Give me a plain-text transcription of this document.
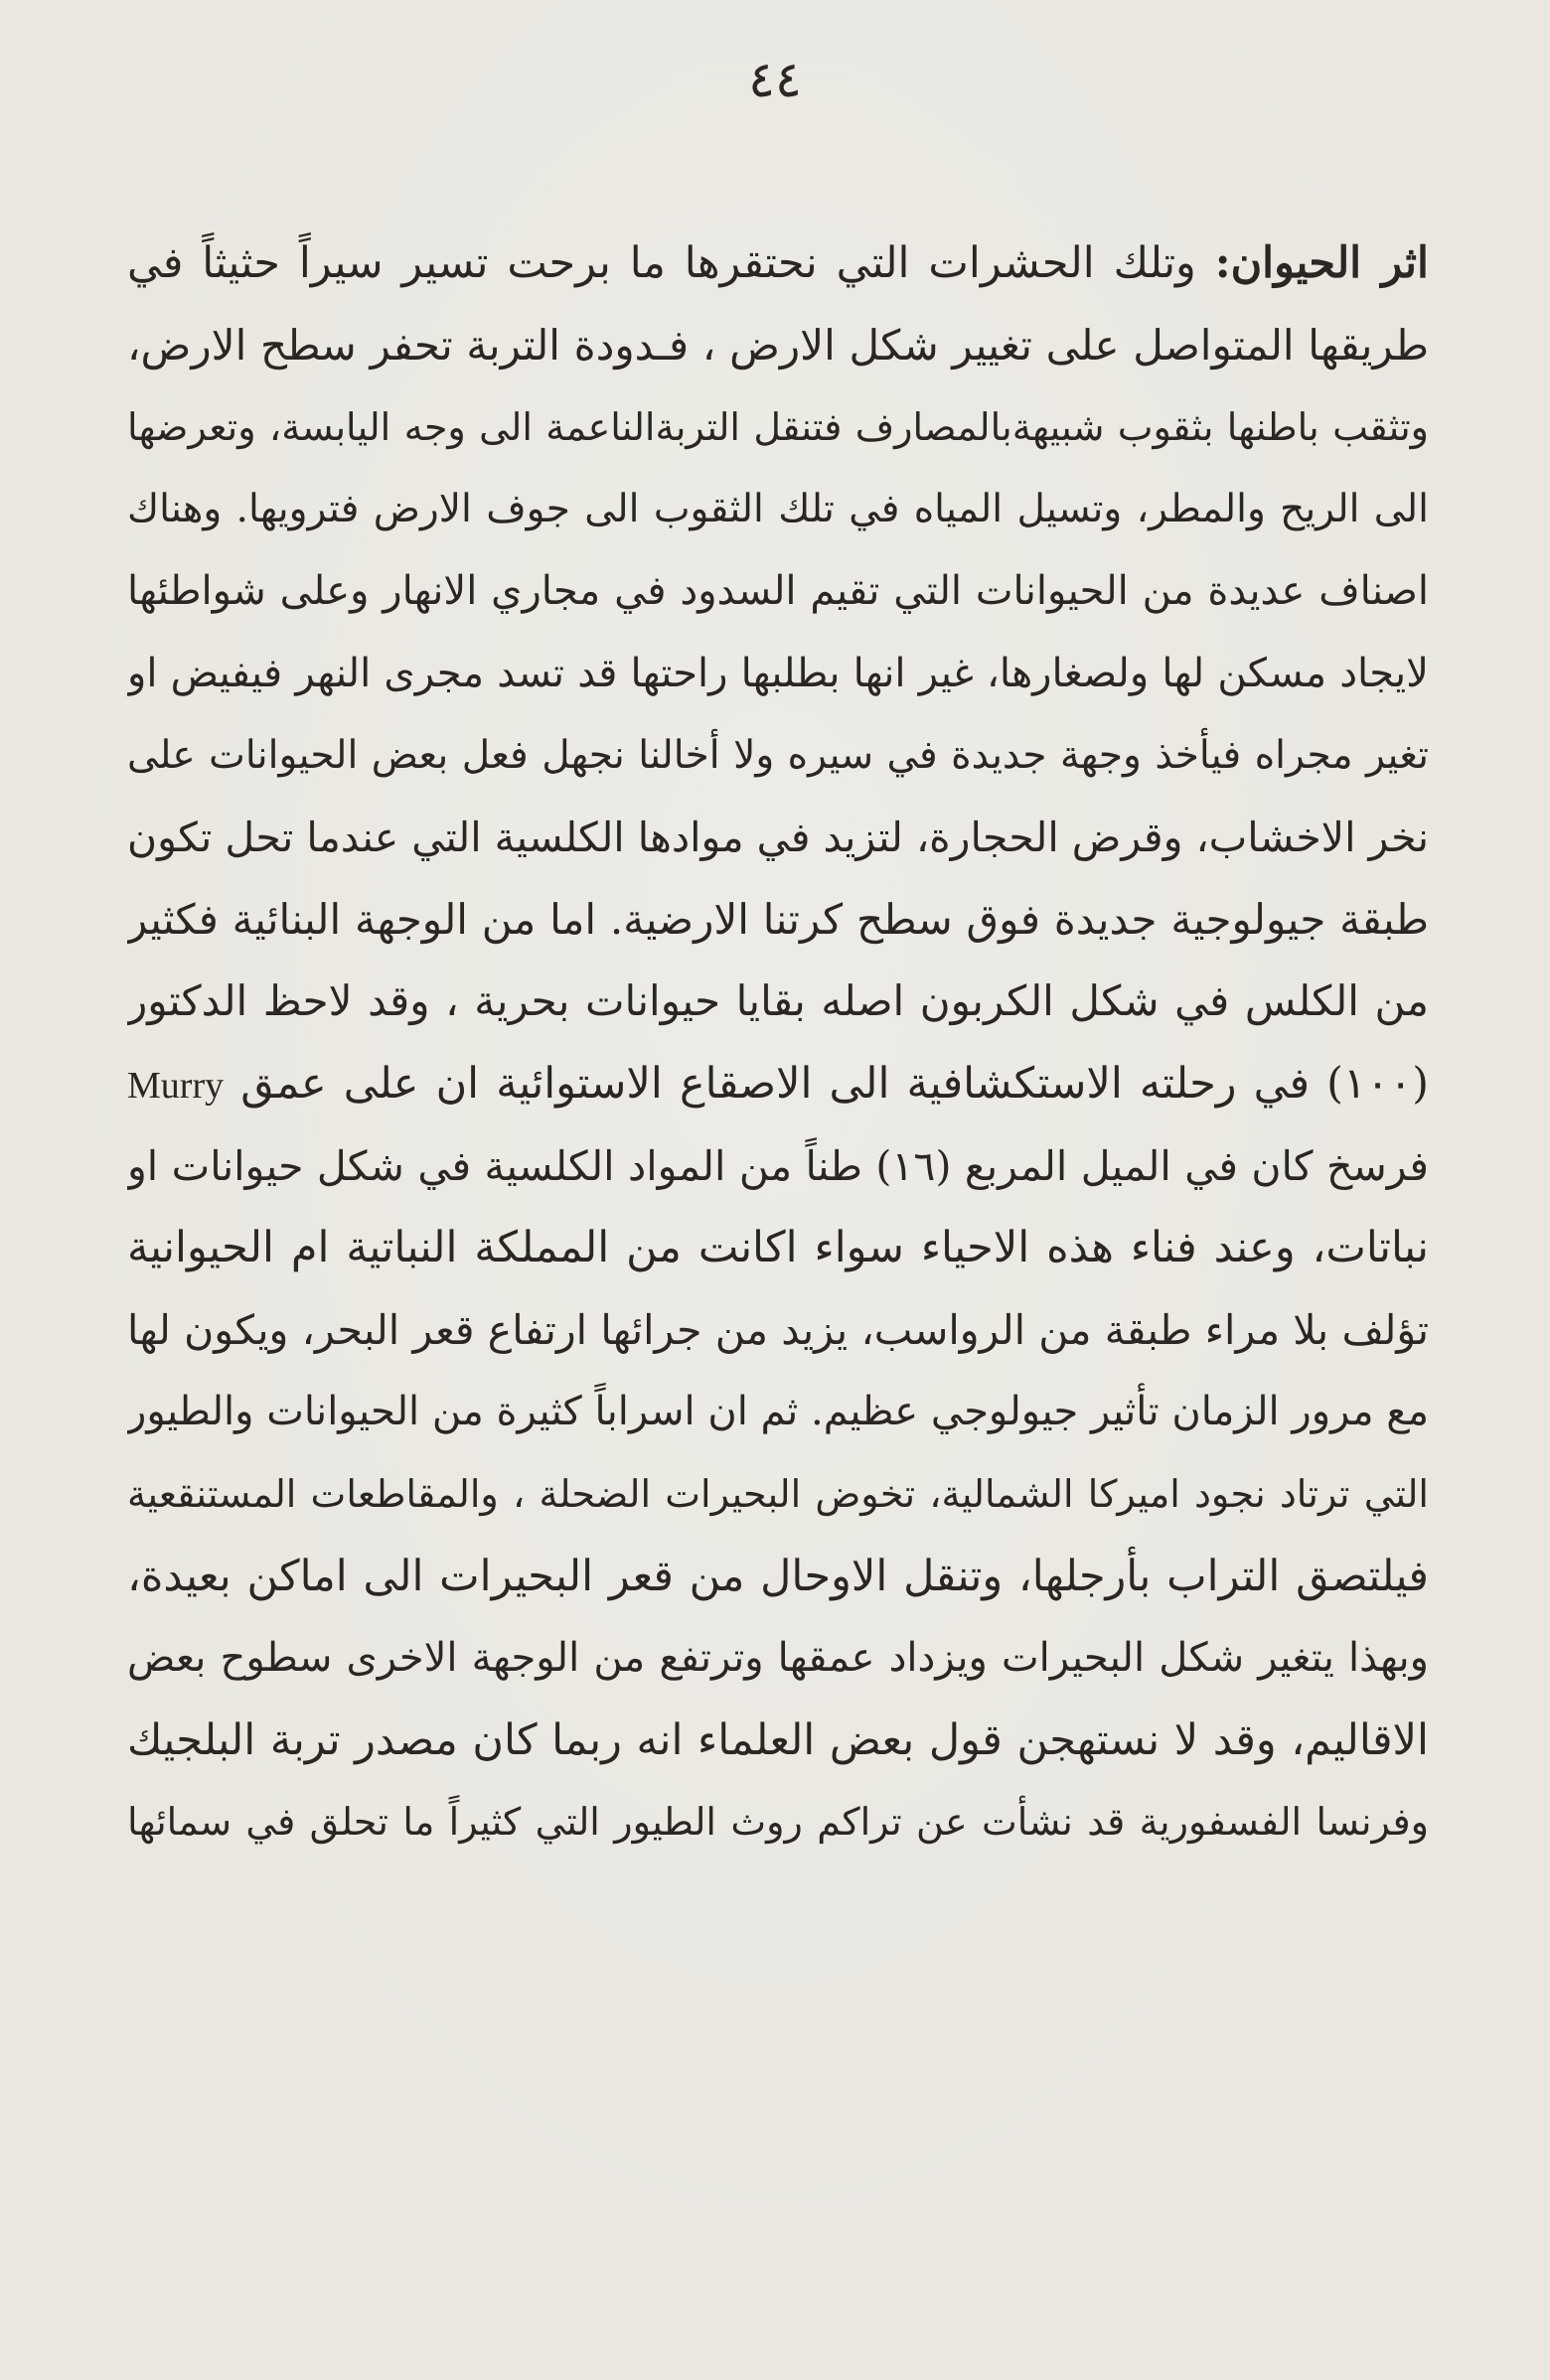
٤٤
اثر الحيوان: وتلك الحشرات التي نحتقرها ما برحت تسير سيراً حثيثاً في
طريقها المتواصل على تغيير شكل الارض ، فـدودة التربة تحفر سطح الارض،
وتثقب باطنها بثقوب شبيهةبالمصارف فتنقل التربةالناعمة الى وجه اليابسة، وتعرضها
الى الريح والمطر، وتسيل المياه في تلك الثقوب الى جوف الارض فترويها. وهناك
اصناف عديدة من الحيوانات التي تقيم السدود في مجاري الانهار وعلى شواطئها
لايجاد مسكن لها ولصغارها، غير انها بطلبها راحتها قد تسد مجرى النهر فيفيض او
تغير مجراه فيأخذ وجهة جديدة في سيره ولا أخالنا نجهل فعل بعض الحيوانات على
نخر الاخشاب، وقرض الحجارة، لتزيد في موادها الكلسية التي عندما تحل تكون
طبقة جيولوجية جديدة فوق سطح كرتنا الارضية. اما من الوجهة البنائية فكثير
من الكلس في شكل الكربون اصله بقايا حيوانات بحرية ، وقد لاحظ الدكتور
(١٠٠) في رحلته الاستكشافية الى الاصقاع الاستوائية ان على عمق Murry
فرسخ كان في الميل المربع (١٦) طناً من المواد الكلسية في شكل حيوانات او
نباتات، وعند فناء هذه الاحياء سواء اكانت من المملكة النباتية ام الحيوانية
تؤلف بلا مراء طبقة من الرواسب، يزيد من جرائها ارتفاع قعر البحر، ويكون لها
مع مرور الزمان تأثير جيولوجي عظيم. ثم ان اسراباً كثيرة من الحيوانات والطيور
التي ترتاد نجود اميركا الشمالية، تخوض البحيرات الضحلة ، والمقاطعات المستنقعية
فيلتصق التراب بأرجلها، وتنقل الاوحال من قعر البحيرات الى اماكن بعيدة،
وبهذا يتغير شكل البحيرات ويزداد عمقها وترتفع من الوجهة الاخرى سطوح بعض
الاقاليم، وقد لا نستهجن قول بعض العلماء انه ربما كان مصدر تربة البلجيك
وفرنسا الفسفورية قد نشأت عن تراكم روث الطيور التي كثيراً ما تحلق في سمائها
